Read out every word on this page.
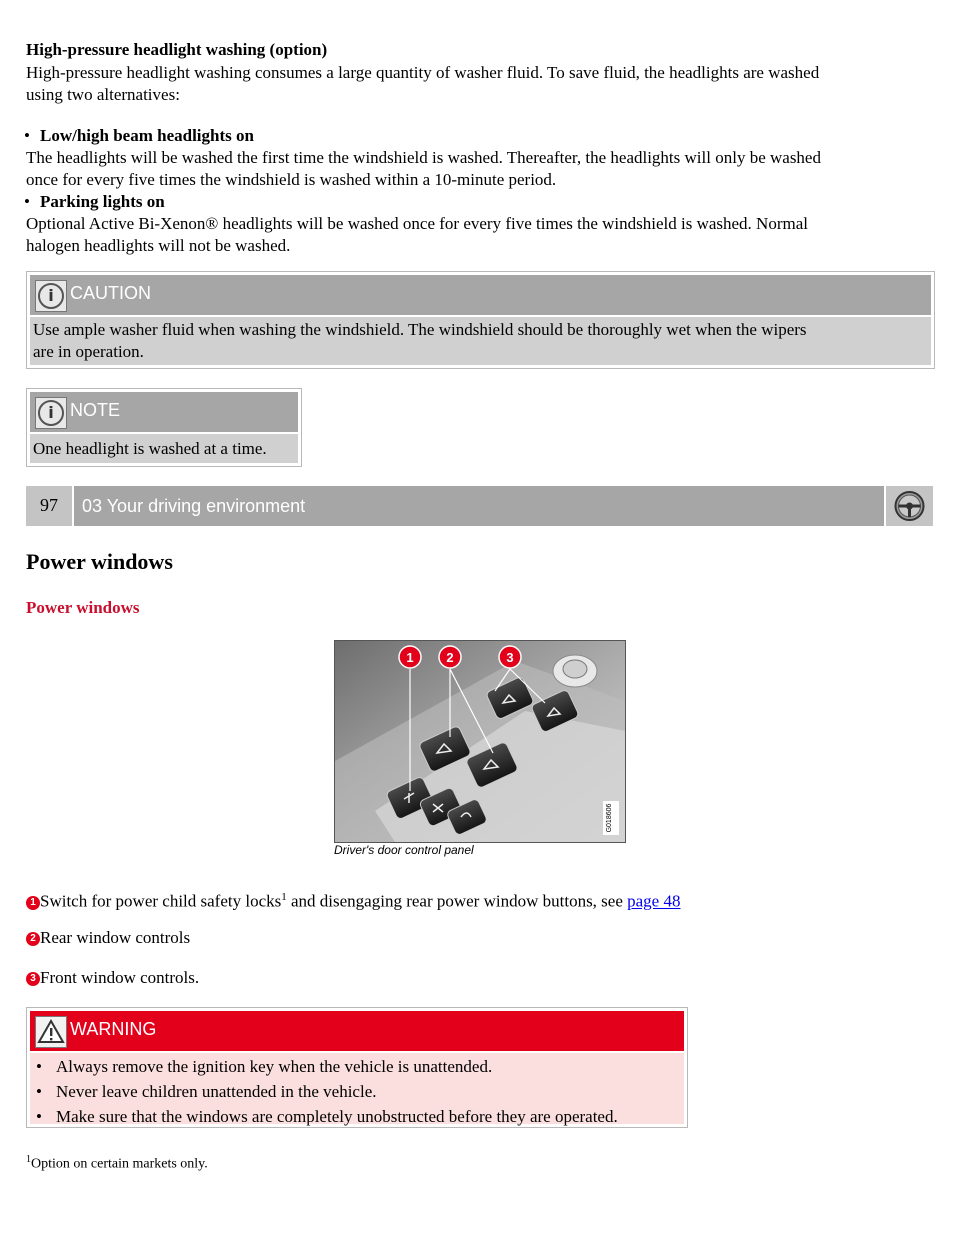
High-pressure headlight washing (option)
High-pressure headlight washing consumes a large quantity of washer fluid. To save fluid, the headlights are washed
using two alternatives:
• Low/high beam headlights on
The headlights will be washed the first time the windshield is washed. Thereafter, the headlights will only be washed
once for every five times the windshield is washed within a 10-minute period.
• Parking lights on
Optional Active Bi-Xenon® headlights will be washed once for every five times the windshield is washed. Normal
halogen headlights will not be washed.
i CAUTION
Use ample washer fluid when washing the windshield. The windshield should be thoroughly wet when the wipers
are in operation.
i NOTE
One headlight is washed at a time.
97	03 Your driving environment
Power windows
Power windows
1	2	3
G018606
Driver's door control panel
1 Switch for power child safety locks$^1$ and disengaging rear power window buttons, see page 48
2 Rear window controls
3 Front window controls.
WARNING
• Always remove the ignition key when the vehicle is unattended.
• Never leave children unattended in the vehicle.
• Make sure that the windows are completely unobstructed before they are operated.
$^1$Option on certain markets only.
